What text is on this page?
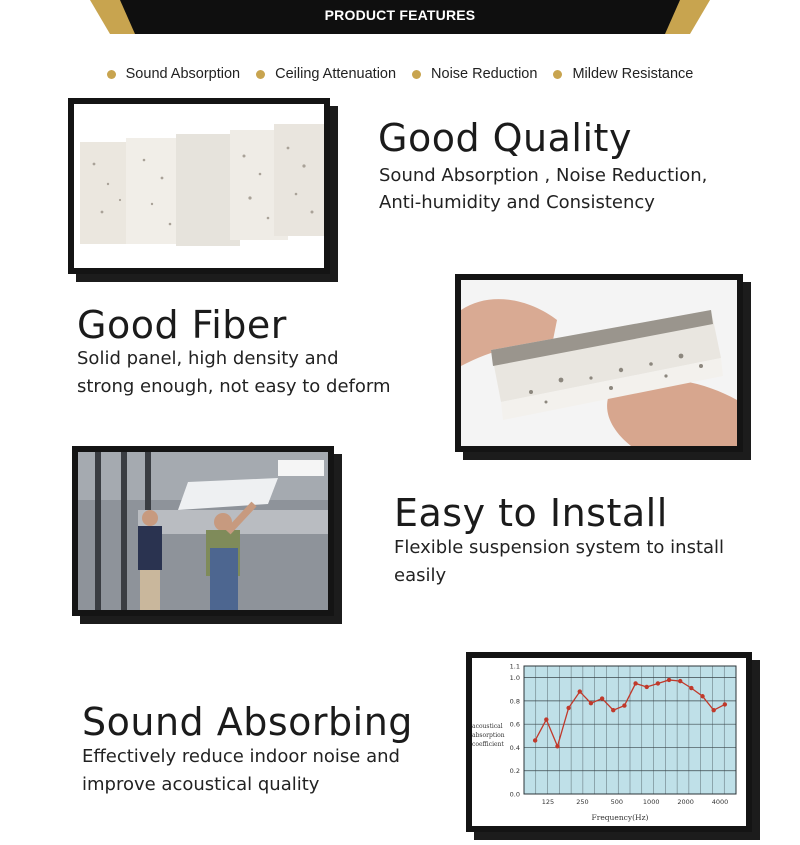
PRODUCT FEATURES
Sound Absorption Ceiling Attenuation Noise Reduction Mildew Resistance
Good Quality
Sound Absorption , Noise Reduction,
Anti-humidity and Consistency
Good Fiber
Solid panel, high density and
strong enough, not easy to deform
Easy to Install
Flexible suspension system to install
easily
Sound Absorbing
Effectively reduce indoor noise and
improve acoustical quality
acoustical absorption coefficient
Frequency(Hz)
0.0
0.2
0.4
0.6
0.8
1.0
1.1
125	250	500	1000	2000	4000
